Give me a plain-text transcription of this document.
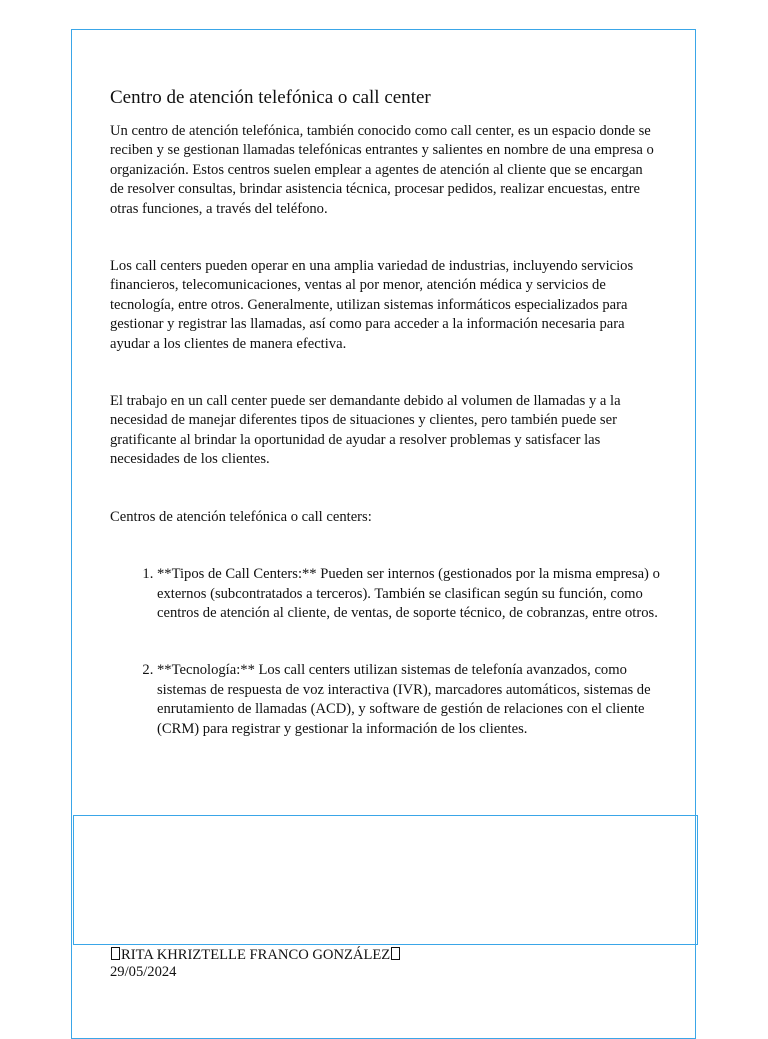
Centro de atención telefónica o call center

Un centro de atención telefónica, también conocido como call center, es un espacio donde se reciben y se gestionan llamadas telefónicas entrantes y salientes en nombre de una empresa o organización. Estos centros suelen emplear a agentes de atención al cliente que se encargan de resolver consultas, brindar asistencia técnica, procesar pedidos, realizar encuestas, entre otras funciones, a través del teléfono.

Los call centers pueden operar en una amplia variedad de industrias, incluyendo servicios financieros, telecomunicaciones, ventas al por menor, atención médica y servicios de tecnología, entre otros. Generalmente, utilizan sistemas informáticos especializados para gestionar y registrar las llamadas, así como para acceder a la información necesaria para ayudar a los clientes de manera efectiva.

El trabajo en un call center puede ser demandante debido al volumen de llamadas y a la necesidad de manejar diferentes tipos de situaciones y clientes, pero también puede ser gratificante al brindar la oportunidad de ayudar a resolver problemas y satisfacer las necesidades de los clientes.

Centros de atención telefónica o call centers:

1. **Tipos de Call Centers:** Pueden ser internos (gestionados por la misma empresa) o externos (subcontratados a terceros). También se clasifican según su función, como centros de atención al cliente, de ventas, de soporte técnico, de cobranzas, entre otros.
2. **Tecnología:** Los call centers utilizan sistemas de telefonía avanzados, como sistemas de respuesta de voz interactiva (IVR), marcadores automáticos, sistemas de enrutamiento de llamadas (ACD), y software de gestión de relaciones con el cliente (CRM) para registrar y gestionar la información de los clientes.
RITA KHRIZTELLE FRANCO GONZÁLEZ
29/05/2024
